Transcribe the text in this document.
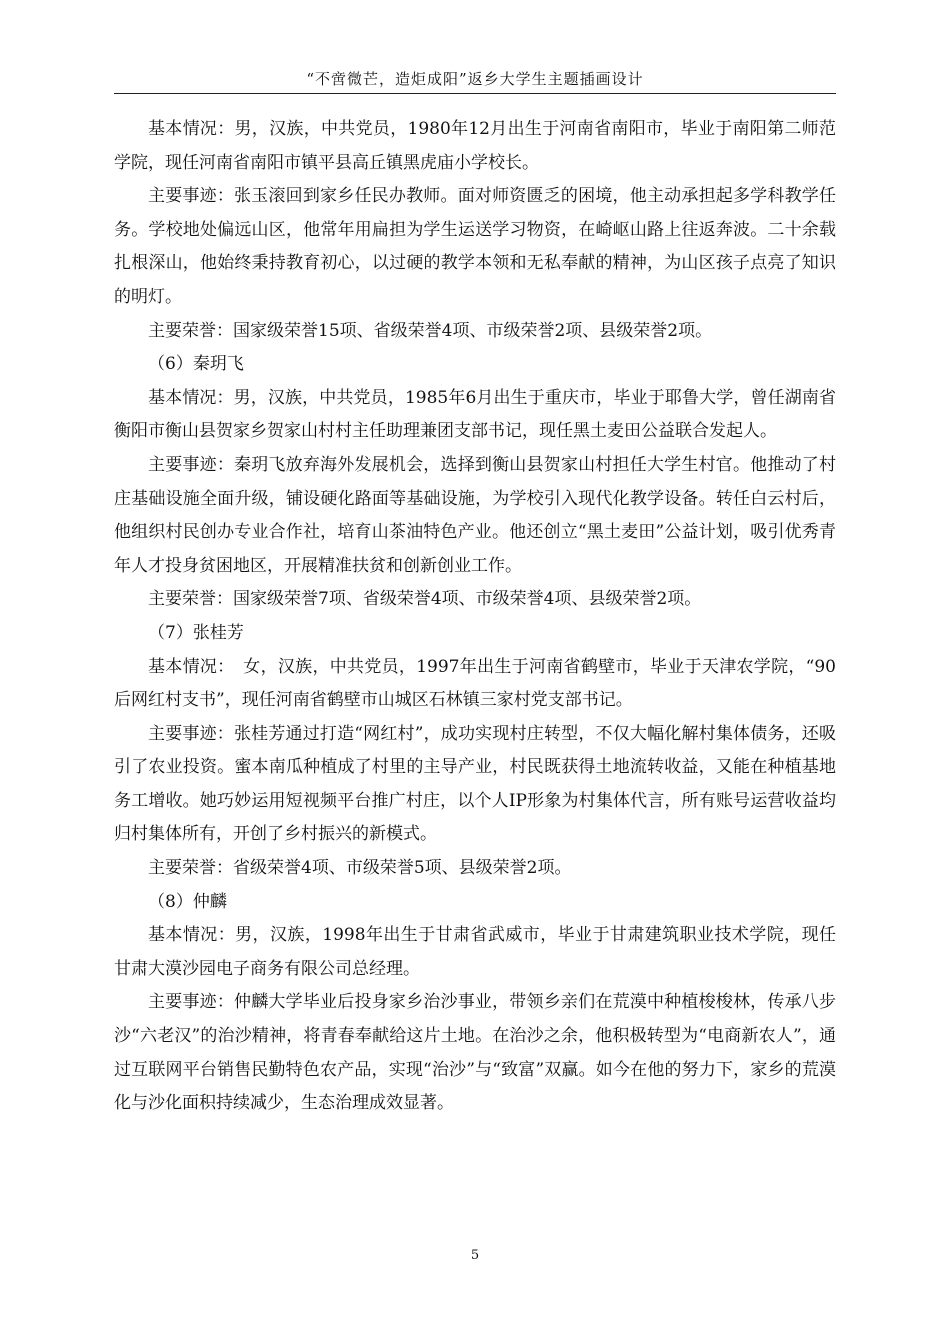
“不啻微芒，造炬成阳”返乡大学生主题插画设计

基本情况：男，汉族，中共党员，1980年12月出生于河南省南阳市，毕业于南阳第二师范学院，现任河南省南阳市镇平县高丘镇黑虎庙小学校长。

主要事迹：张玉滚回到家乡任民办教师。面对师资匮乏的困境，他主动承担起多学科教学任务。学校地处偏远山区，他常年用扁担为学生运送学习物资，在崎岖山路上往返奔波。二十余载扎根深山，他始终秉持教育初心，以过硬的教学本领和无私奉献的精神，为山区孩子点亮了知识的明灯。

主要荣誉：国家级荣誉15项、省级荣誉4项、市级荣誉2项、县级荣誉2项。

（6）秦玥飞

基本情况：男，汉族，中共党员，1985年6月出生于重庆市，毕业于耶鲁大学，曾任湖南省衡阳市衡山县贺家乡贺家山村村主任助理兼团支部书记，现任黑土麦田公益联合发起人。

主要事迹：秦玥飞放弃海外发展机会，选择到衡山县贺家山村担任大学生村官。他推动了村庄基础设施全面升级，铺设硬化路面等基础设施，为学校引入现代化教学设备。转任白云村后，他组织村民创办专业合作社，培育山茶油特色产业。他还创立“黑土麦田”公益计划，吸引优秀青年人才投身贫困地区，开展精准扶贫和创新创业工作。

主要荣誉：国家级荣誉7项、省级荣誉4项、市级荣誉4项、县级荣誉2项。

（7）张桂芳

基本情况：　女，汉族，中共党员，1997年出生于河南省鹤壁市，毕业于天津农学院，“90后网红村支书”，现任河南省鹤壁市山城区石林镇三家村党支部书记。

主要事迹：张桂芳通过打造“网红村”，成功实现村庄转型，不仅大幅化解村集体债务，还吸引了农业投资。蜜本南瓜种植成了村里的主导产业，村民既获得土地流转收益，又能在种植基地务工增收。她巧妙运用短视频平台推广村庄，以个人IP形象为村集体代言，所有账号运营收益均归村集体所有，开创了乡村振兴的新模式。

主要荣誉：省级荣誉4项、市级荣誉5项、县级荣誉2项。

（8）仲麟

基本情况：男，汉族，1998年出生于甘肃省武威市，毕业于甘肃建筑职业技术学院，现任甘肃大漠沙园电子商务有限公司总经理。

主要事迹：仲麟大学毕业后投身家乡治沙事业，带领乡亲们在荒漠中种植梭梭林，传承八步沙“六老汉”的治沙精神，将青春奉献给这片土地。在治沙之余，他积极转型为“电商新农人”，通过互联网平台销售民勤特色农产品，实现“治沙”与“致富”双赢。如今在他的努力下，家乡的荒漠化与沙化面积持续减少，生态治理成效显著。

5
